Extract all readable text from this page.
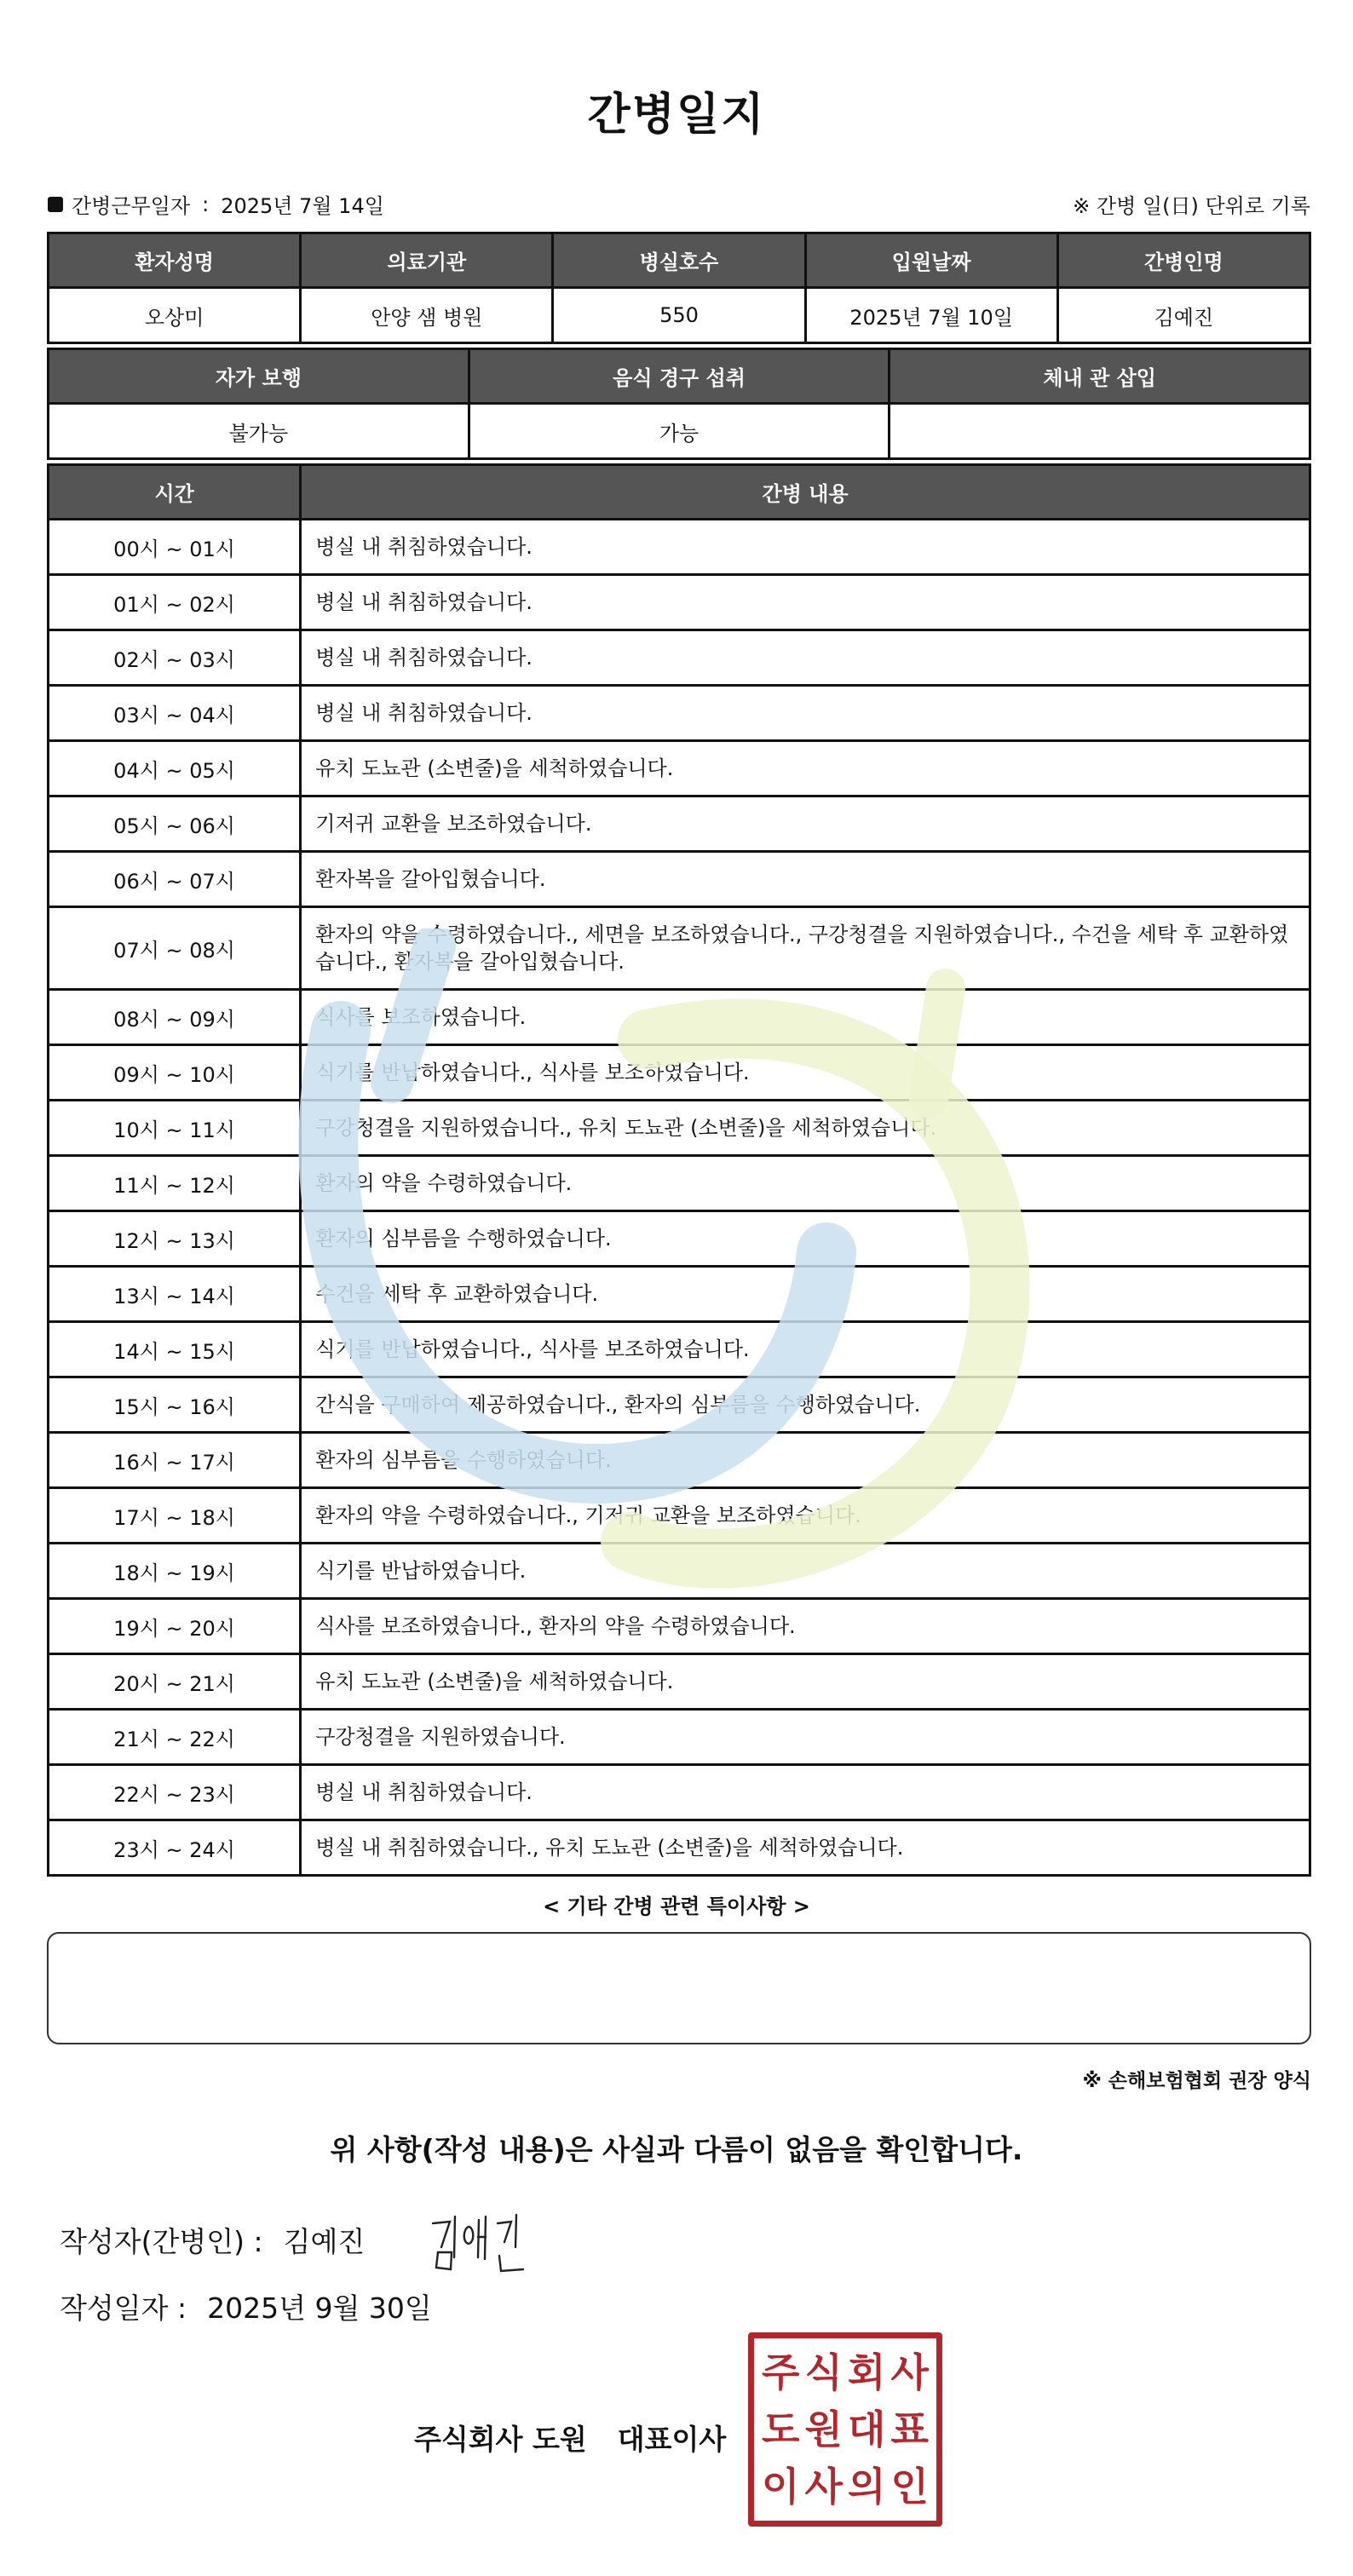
간병일지
간병근무일자 : 2025년 7월 14일	※ 간병 일(日) 단위로 기록
환자성명	의료기관	병실호수	입원날짜	간병인명
오상미	안양 샘 병원	550	2025년 7월 10일	김예진
자가 보행	음식 경구 섭취	체내 관 삽입
불가능	가능	
시간	간병 내용
00시 ~ 01시	병실 내 취침하였습니다.
01시 ~ 02시	병실 내 취침하였습니다.
02시 ~ 03시	병실 내 취침하였습니다.
03시 ~ 04시	병실 내 취침하였습니다.
04시 ~ 05시	유치 도뇨관 (소변줄)을 세척하였습니다.
05시 ~ 06시	기저귀 교환을 보조하였습니다.
06시 ~ 07시	환자복을 갈아입혔습니다.
07시 ~ 08시	환자의 약을 수령하였습니다., 세면을 보조하였습니다., 구강청결을 지원하였습니다., 수건을 세탁 후 교환하였습니다., 환자복을 갈아입혔습니다.
08시 ~ 09시	식사를 보조하였습니다.
09시 ~ 10시	식기를 반납하였습니다., 식사를 보조하였습니다.
10시 ~ 11시	구강청결을 지원하였습니다., 유치 도뇨관 (소변줄)을 세척하였습니다.
11시 ~ 12시	환자의 약을 수령하였습니다.
12시 ~ 13시	환자의 심부름을 수행하였습니다.
13시 ~ 14시	수건을 세탁 후 교환하였습니다.
14시 ~ 15시	식기를 반납하였습니다., 식사를 보조하였습니다.
15시 ~ 16시	간식을 구매하여 제공하였습니다., 환자의 심부름을 수행하였습니다.
16시 ~ 17시	환자의 심부름을 수행하였습니다.
17시 ~ 18시	환자의 약을 수령하였습니다., 기저귀 교환을 보조하였습니다.
18시 ~ 19시	식기를 반납하였습니다.
19시 ~ 20시	식사를 보조하였습니다., 환자의 약을 수령하였습니다.
20시 ~ 21시	유치 도뇨관 (소변줄)을 세척하였습니다.
21시 ~ 22시	구강청결을 지원하였습니다.
22시 ~ 23시	병실 내 취침하였습니다.
23시 ~ 24시	병실 내 취침하였습니다., 유치 도뇨관 (소변줄)을 세척하였습니다.
< 기타 간병 관련 특이사항 >
※ 손해보험협회 권장 양식
위 사항(작성 내용)은 사실과 다름이 없음을 확인합니다.
작성자(간병인) : 김예진
작성일자 : 2025년 9월 30일
주식회사 도원 대표이사
주 식 회 사
도 원 대 표
이 사 의 인
